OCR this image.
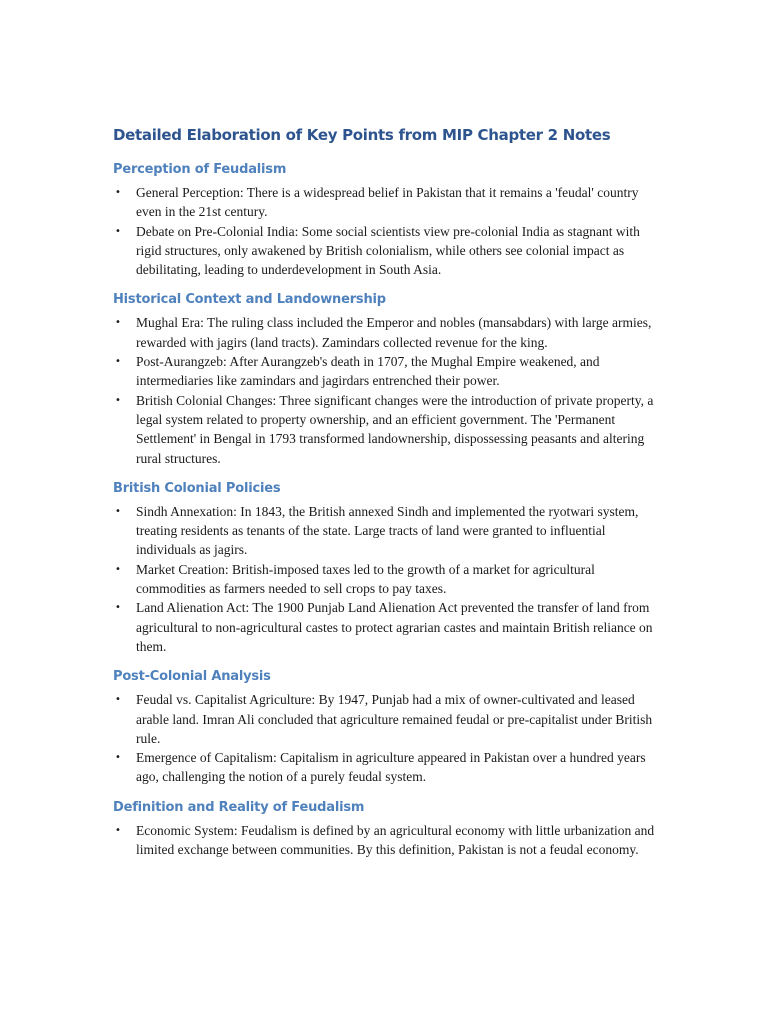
Detailed Elaboration of Key Points from MIP Chapter 2 Notes
Perception of Feudalism
• General Perception: There is a widespread belief in Pakistan that it remains a 'feudal' country even in the 21st century.
• Debate on Pre-Colonial India: Some social scientists view pre-colonial India as stagnant with rigid structures, only awakened by British colonialism, while others see colonial impact as debilitating, leading to underdevelopment in South Asia.
Historical Context and Landownership
• Mughal Era: The ruling class included the Emperor and nobles (mansabdars) with large armies, rewarded with jagirs (land tracts). Zamindars collected revenue for the king.
• Post-Aurangzeb: After Aurangzeb's death in 1707, the Mughal Empire weakened, and intermediaries like zamindars and jagirdars entrenched their power.
• British Colonial Changes: Three significant changes were the introduction of private property, a legal system related to property ownership, and an efficient government. The 'Permanent Settlement' in Bengal in 1793 transformed landownership, dispossessing peasants and altering rural structures.
British Colonial Policies
• Sindh Annexation: In 1843, the British annexed Sindh and implemented the ryotwari system, treating residents as tenants of the state. Large tracts of land were granted to influential individuals as jagirs.
• Market Creation: British-imposed taxes led to the growth of a market for agricultural commodities as farmers needed to sell crops to pay taxes.
• Land Alienation Act: The 1900 Punjab Land Alienation Act prevented the transfer of land from agricultural to non-agricultural castes to protect agrarian castes and maintain British reliance on them.
Post-Colonial Analysis
• Feudal vs. Capitalist Agriculture: By 1947, Punjab had a mix of owner-cultivated and leased arable land. Imran Ali concluded that agriculture remained feudal or pre-capitalist under British rule.
• Emergence of Capitalism: Capitalism in agriculture appeared in Pakistan over a hundred years ago, challenging the notion of a purely feudal system.
Definition and Reality of Feudalism
• Economic System: Feudalism is defined by an agricultural economy with little urbanization and limited exchange between communities. By this definition, Pakistan is not a feudal economy.
